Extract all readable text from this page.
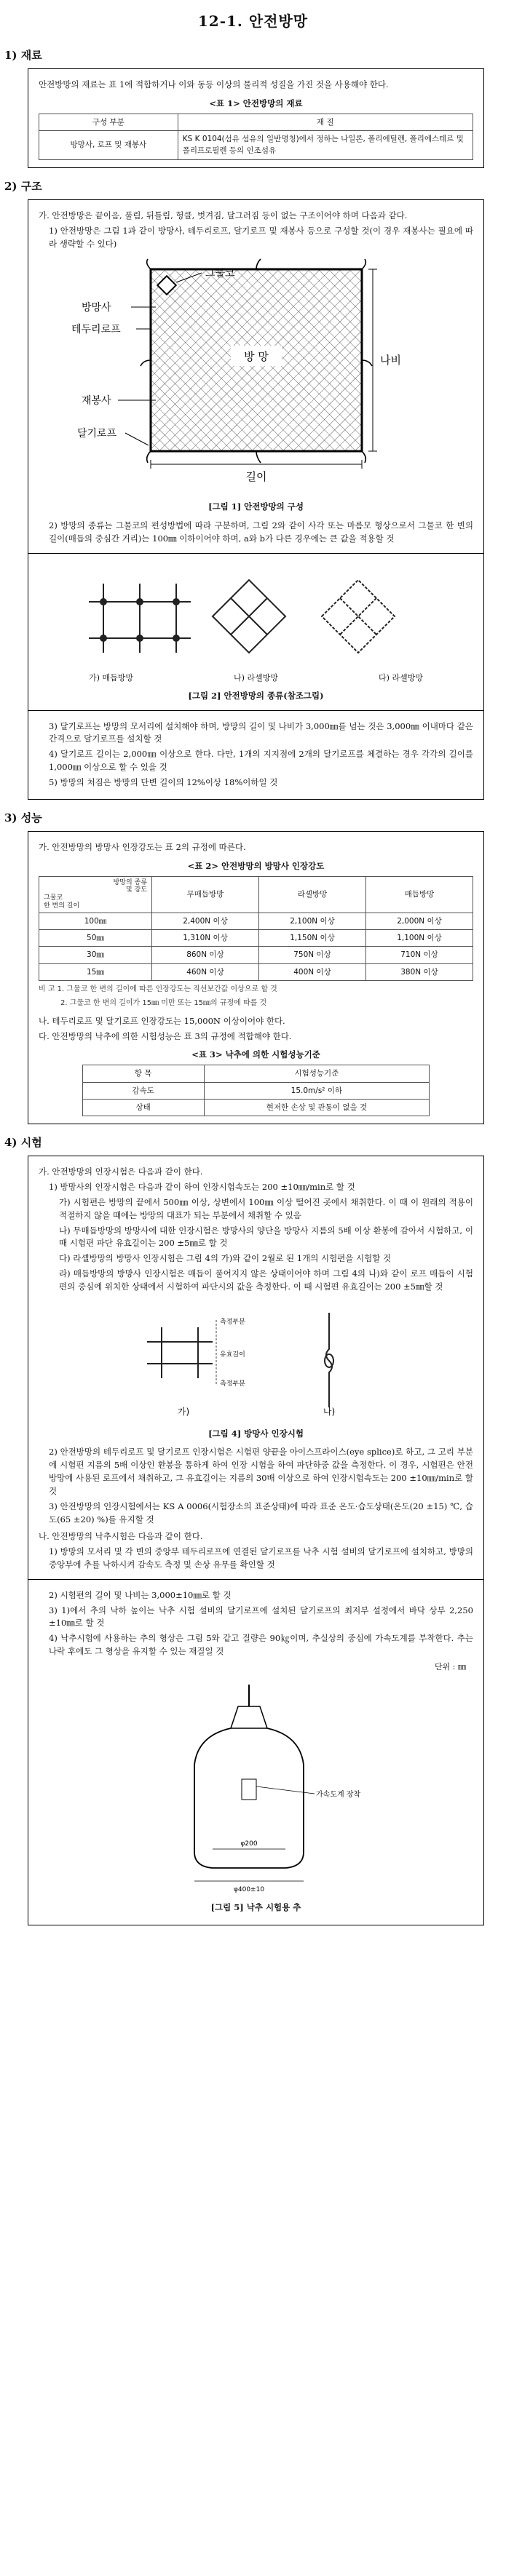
12-1. 안전방망
1) 재료

안전방망의 재료는 표 1에 적합하거나 이와 동등 이상의 물리적 성질을 가진 것을 사용해야 한다.

<표 1> 안전방망의 재료
구성 부분	재 질
방망사, 로프 및 재봉사	KS K 0104(섬유 섬유의 일반명칭)에서 정하는 나일론, 폴리에틸렌, 폴리에스테르 및 폴리프로필렌 등의 인조섬유
2) 구조

가. 안전방망은 끝이음, 풀림, 뒤틀림, 헝클, 벗겨짐, 달그러짐 등이 없는 구조이어야 하며 다음과 같다.

1) 안전방망은 그림 1과 같이 방망사, 테두리로프, 달기로프 및 재봉사 등으로 구성할 것(이 경우 재봉사는 필요에 따라 생략할 수 있다)

방 망
그물코
방망사
테두리로프
재봉사
달기로프
나비
길이
[그림 1] 안전방망의 구성

2) 방망의 종류는 그물코의 편성방법에 따라 구분하며, 그림 2와 같이 사각 또는 마름모 형상으로서 그물코 한 변의 길이(매듭의 중심간 거리)는 100㎜ 이하이어야 하며, a와 b가 다른 경우에는 큰 값을 적용할 것

가) 매듭방망	나) 라셸방망	다) 라셸방망
[그림 2] 안전방망의 종류(참조그림)

3) 달기로프는 방망의 모서리에 설치해야 하며, 방망의 길이 및 나비가 3,000㎜를 넘는 것은 3,000㎜ 이내마다 같은 간격으로 달기로프를 설치할 것

4) 달기로프 길이는 2,000㎜ 이상으로 한다. 다만, 1개의 지지점에 2개의 달기로프를 체결하는 경우 각각의 길이를 1,000㎜ 이상으로 할 수 있을 것

5) 방망의 처짐은 방망의 단변 길이의 12%이상 18%이하일 것

3) 성능

가. 안전방망의 방망사 인장강도는 표 2의 규정에 따른다.

<표 2> 안전방망의 방망사 인장강도
방망의 종류
및 강도
그물코
한 변의 길이	무매듭방망	라셸방망	매듭방망
100㎜	2,400N 이상	2,100N 이상	2,000N 이상
50㎜	1,310N 이상	1,150N 이상	1,100N 이상
30㎜	860N 이상	750N 이상	710N 이상
15㎜	460N 이상	400N 이상	380N 이상
비 고 1. 그물코 한 변의 길이에 따른 인장강도는 직선보간값 이상으로 할 것
2. 그물코 한 변의 길이가 15㎜ 미만 또는 15㎜의 규정에 따를 것

나. 테두리로프 및 달기로프 인장강도는 15,000N 이상이어야 한다.

다. 안전방망의 낙추에 의한 시험성능은 표 3의 규정에 적합해야 한다.

<표 3> 낙추에 의한 시험성능기준
항 목	시험성능기준
감속도	15.0m/s² 이하
상태	현저한 손상 및 관통이 없을 것
4) 시험

가. 안전방망의 인장시험은 다음과 같이 한다.

1) 방망사의 인장시험은 다음과 같이 하여 인장시험속도는 200 ±10㎜/min로 할 것

가) 시험편은 방망의 끝에서 500㎜ 이상, 상변에서 100㎜ 이상 떨어진 곳에서 채취한다. 이 때 이 원래의 적용이 적절하지 않을 때에는 방망의 대표가 되는 부분에서 채취할 수 있음

나) 무매듭방망의 방망사에 대한 인장시험은 방망사의 양단을 방망사 지름의 5배 이상 환봉에 감아서 시험하고, 이 때 시험편 파단 유효길이는 200 ±5㎜로 할 것

다) 라셸방망의 방망사 인장시험은 그림 4의 가)와 같이 2월로 된 1개의 시험편을 시험할 것

라) 매듭방망의 방망사 인장시험은 매듭이 풀어지지 않은 상태이어야 하며 그림 4의 나)와 같이 로프 매듭이 시험편의 중심에 위치한 상태에서 시험하여 파단시의 값을 측정한다. 이 때 시험편 유효길이는 200 ±5㎜할 것

측정부분
유효길이
측정부분
가)	나)
[그림 4] 방망사 인장시험

2) 안전방망의 테두리로프 및 달기로프 인장시험은 시험편 양끝을 아이스프라이스(eye splice)로 하고, 그 고리 부분에 시험편 지름의 5배 이상인 환봉을 통하게 하여 인장 시험을 하여 파단하중 값을 측정한다. 이 경우, 시험편은 안전방망에 사용된 로프에서 채취하고, 그 유효길이는 지름의 30배 이상으로 하여 인장시험속도는 200 ±10㎜/min로 할 것

3) 안전방망의 인장시험에서는 KS A 0006(시험장소의 표준상태)에 따라 표준 온도·습도상태(온도(20 ±15) ℃, 습도(65 ±20) %)를 유지할 것

나. 안전방망의 낙추시험은 다음과 같이 한다.

1) 방망의 모서리 및 각 변의 중앙부 테두리로프에 연결된 달기로프를 낙추 시험 설비의 달기로프에 설치하고, 방망의 중앙부에 추를 낙하시켜 감속도 측정 및 손상 유무를 확인할 것

2) 시험편의 길이 및 나비는 3,000±10㎜로 할 것

3) 1)에서 추의 낙하 높이는 낙추 시험 설비의 달기로프에 설치된 달기로프의 최저부 설정에서 바닥 상부 2,250 ±10㎜로 할 것

4) 낙추시험에 사용하는 추의 형상은 그림 5와 같고 질량은 90㎏이며, 추실상의 중심에 가속도계를 부착한다. 추는 나락 후에도 그 형상을 유지할 수 있는 재질일 것

단위 : ㎜
가속도계 장착
φ200
φ400±10
[그림 5] 낙추 시험용 추
